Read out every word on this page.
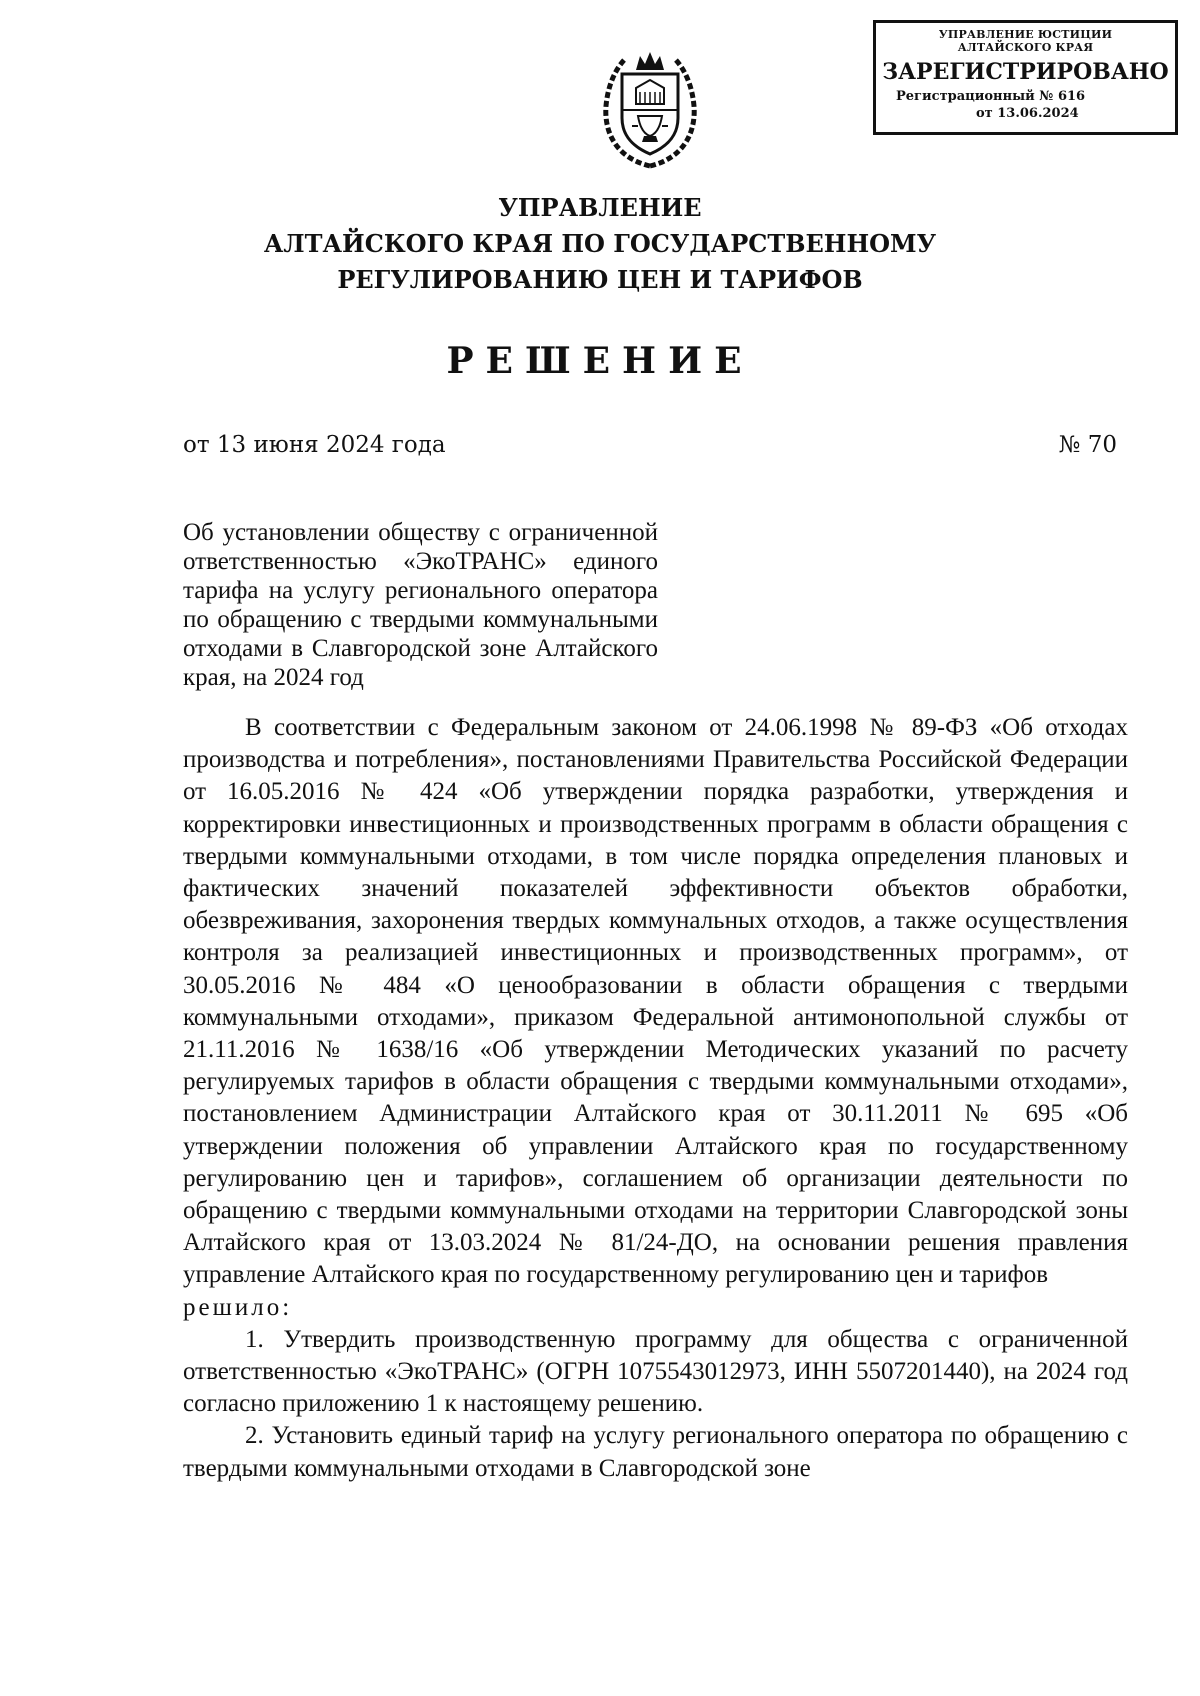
УПРАВЛЕНИЕ ЮСТИЦИИ
АЛТАЙСКОГО КРАЯ
ЗАРЕГИСТРИРОВАНО
Регистрационный № 616
от 13.06.2024
УПРАВЛЕНИЕ
АЛТАЙСКОГО КРАЯ ПО ГОСУДАРСТВЕННОМУ
РЕГУЛИРОВАНИЮ ЦЕН И ТАРИФОВ
РЕШЕНИЕ
от 13 июня 2024 года	№ 70
Об установлении обществу с ограниченной ответственностью «ЭкоТРАНС» единого тарифа на услугу регионального оператора по обращению с твердыми коммунальными отходами в Славгородской зоне Алтайского края, на 2024 год

В соответствии с Федеральным законом от 24.06.1998 № 89-ФЗ «Об отходах производства и потребления», постановлениями Правительства Российской Федерации от 16.05.2016 № 424 «Об утверждении порядка разработки, утверждения и корректировки инвестиционных и производственных программ в области обращения с твердыми коммунальными отходами, в том числе порядка определения плановых и фактических значений показателей эффективности объектов обработки, обезвреживания, захоронения твердых коммунальных отходов, а также осуществления контроля за реализацией инвестиционных и производственных программ», от 30.05.2016 № 484 «О ценообразовании в области обращения с твердыми коммунальными отходами», приказом Федеральной антимонопольной службы от 21.11.2016 № 1638/16 «Об утверждении Методических указаний по расчету регулируемых тарифов в области обращения с твердыми коммунальными отходами», постановлением Администрации Алтайского края от 30.11.2011 № 695 «Об утверждении положения об управлении Алтайского края по государственному регулированию цен и тарифов», соглашением об организации деятельности по обращению с твердыми коммунальными отходами на территории Славгородской зоны Алтайского края от 13.03.2024 № 81/24-ДО, на основании решения правления управление Алтайского края по государственному регулированию цен и тарифов

решило:

1. Утвердить производственную программу для общества с ограниченной ответственностью «ЭкоТРАНС» (ОГРН 1075543012973, ИНН 5507201440), на 2024 год согласно приложению 1 к настоящему решению.

2. Установить единый тариф на услугу регионального оператора по обращению с твердыми коммунальными отходами в Славгородской зоне
